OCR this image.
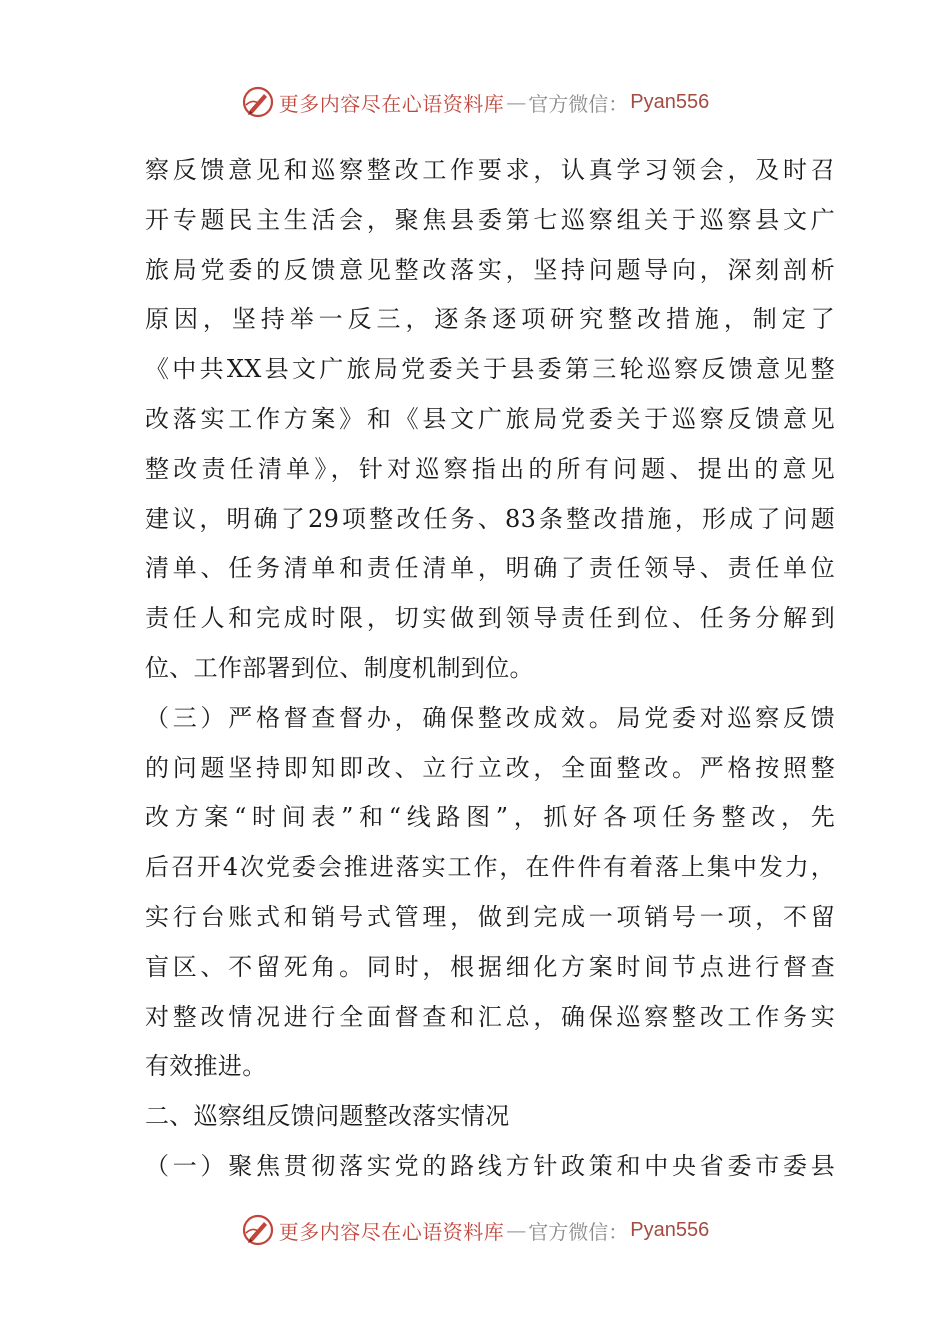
更多内容尽在心语资料库 — 官方微信： Pyan556
察反馈意见和巡察整改工作要求，认真学习领会，及时召
开专题民主生活会，聚焦县委第七巡察组关于巡察县文广
旅局党委的反馈意见整改落实，坚持问题导向，深刻剖析
原因，坚持举一反三，逐条逐项研究整改措施，制定了
《中共XX县文广旅局党委关于县委第三轮巡察反馈意见整
改落实工作方案》和《县文广旅局党委关于巡察反馈意见
整改责任清单》，针对巡察指出的所有问题、提出的意见
建议，明确了29项整改任务、83条整改措施，形成了问题
清单、任务清单和责任清单，明确了责任领导、责任单位
责任人和完成时限，切实做到领导责任到位、任务分解到
位、工作部署到位、制度机制到位。
（三）严格督查督办，确保整改成效。局党委对巡察反馈
的问题坚持即知即改、立行立改，全面整改。严格按照整
改方案“时间表”和“线路图”，抓好各项任务整改，先
后召开4次党委会推进落实工作，在件件有着落上集中发力，
实行台账式和销号式管理，做到完成一项销号一项，不留
盲区、不留死角。同时，根据细化方案时间节点进行督查
对整改情况进行全面督查和汇总，确保巡察整改工作务实
有效推进。
二、巡察组反馈问题整改落实情况
（一）聚焦贯彻落实党的路线方针政策和中央省委市委县
更多内容尽在心语资料库 — 官方微信： Pyan556
